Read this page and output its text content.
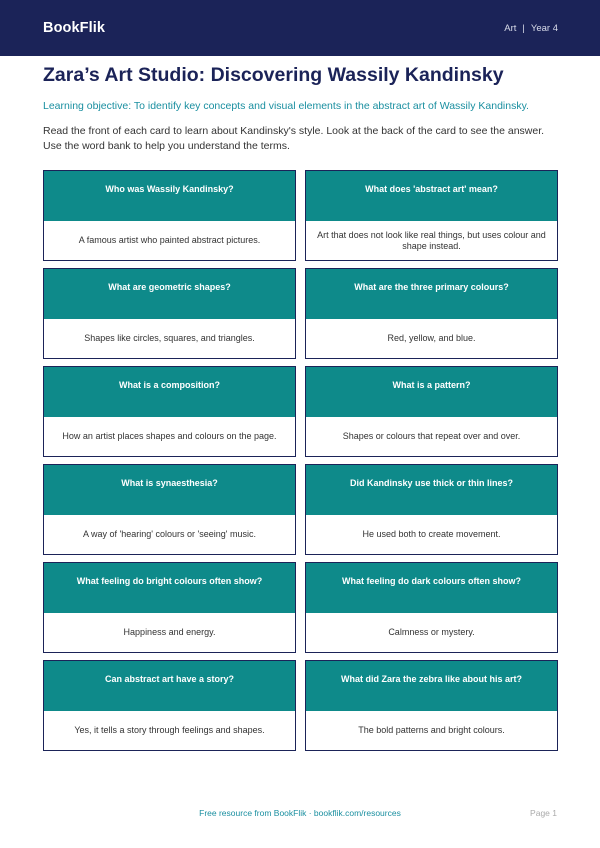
BookFlik	Art | Year 4
Zara’s Art Studio: Discovering Wassily Kandinsky

Learning objective: To identify key concepts and visual elements in the abstract art of Wassily Kandinsky.

Read the front of each card to learn about Kandinsky's style. Look at the back of the card to see the answer. Use the word bank to help you understand the terms.

Who was Wassily Kandinsky?
A famous artist who painted abstract pictures.
What does 'abstract art' mean?
Art that does not look like real things, but uses colour and shape instead.
What are geometric shapes?
Shapes like circles, squares, and triangles.
What are the three primary colours?
Red, yellow, and blue.
What is a composition?
How an artist places shapes and colours on the page.
What is a pattern?
Shapes or colours that repeat over and over.
What is synaesthesia?
A way of 'hearing' colours or 'seeing' music.
Did Kandinsky use thick or thin lines?
He used both to create movement.
What feeling do bright colours often show?
Happiness and energy.
What feeling do dark colours often show?
Calmness or mystery.
Can abstract art have a story?
Yes, it tells a story through feelings and shapes.
What did Zara the zebra like about his art?
The bold patterns and bright colours.
Free resource from BookFlik · bookflik.com/resources	Page 1
